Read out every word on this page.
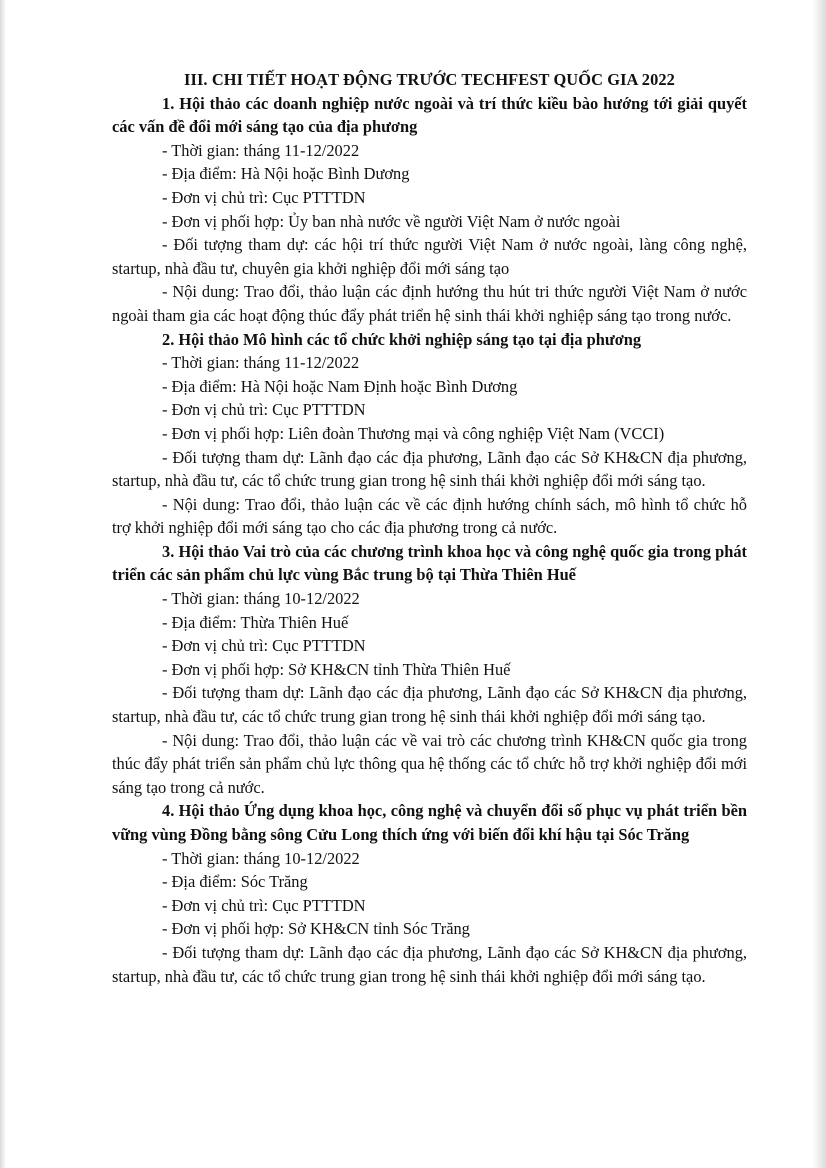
III. CHI TIẾT HOẠT ĐỘNG TRƯỚC TECHFEST QUỐC GIA 2022

1. Hội thảo các doanh nghiệp nước ngoài và trí thức kiều bào hướng tới giải quyết các vấn đề đổi mới sáng tạo của địa phương

- Thời gian: tháng 11-12/2022

- Địa điểm: Hà Nội hoặc Bình Dương

- Đơn vị chủ trì: Cục PTTTDN

- Đơn vị phối hợp: Ủy ban nhà nước về người Việt Nam ở nước ngoài

- Đối tượng tham dự: các hội trí thức người Việt Nam ở nước ngoài, làng công nghệ, startup, nhà đầu tư, chuyên gia khởi nghiệp đổi mới sáng tạo

- Nội dung: Trao đổi, thảo luận các định hướng thu hút tri thức người Việt Nam ở nước ngoài tham gia các hoạt động thúc đẩy phát triển hệ sinh thái khởi nghiệp sáng tạo trong nước.

2. Hội thảo Mô hình các tổ chức khởi nghiệp sáng tạo tại địa phương

- Thời gian: tháng 11-12/2022

- Địa điểm: Hà Nội hoặc Nam Định hoặc Bình Dương

- Đơn vị chủ trì: Cục PTTTDN

- Đơn vị phối hợp: Liên đoàn Thương mại và công nghiệp Việt Nam (VCCI)

- Đối tượng tham dự: Lãnh đạo các địa phương, Lãnh đạo các Sở KH&CN địa phương, startup, nhà đầu tư, các tổ chức trung gian trong hệ sinh thái khởi nghiệp đổi mới sáng tạo.

- Nội dung: Trao đổi, thảo luận các về các định hướng chính sách, mô hình tổ chức hỗ trợ khởi nghiệp đổi mới sáng tạo cho các địa phương trong cả nước.

3. Hội thảo Vai trò của các chương trình khoa học và công nghệ quốc gia trong phát triển các sản phẩm chủ lực vùng Bắc trung bộ tại Thừa Thiên Huế

- Thời gian: tháng 10-12/2022

- Địa điểm: Thừa Thiên Huế

- Đơn vị chủ trì: Cục PTTTDN

- Đơn vị phối hợp: Sở KH&CN tỉnh Thừa Thiên Huế

- Đối tượng tham dự: Lãnh đạo các địa phương, Lãnh đạo các Sở KH&CN địa phương, startup, nhà đầu tư, các tổ chức trung gian trong hệ sinh thái khởi nghiệp đổi mới sáng tạo.

- Nội dung: Trao đổi, thảo luận các về vai trò các chương trình KH&CN quốc gia trong thúc đẩy phát triển sản phẩm chủ lực thông qua hệ thống các tổ chức hỗ trợ khởi nghiệp đổi mới sáng tạo trong cả nước.

4. Hội thảo Ứng dụng khoa học, công nghệ và chuyển đổi số phục vụ phát triển bền vững vùng Đồng bằng sông Cửu Long thích ứng với biến đổi khí hậu tại Sóc Trăng

- Thời gian: tháng 10-12/2022

- Địa điểm: Sóc Trăng

- Đơn vị chủ trì: Cục PTTTDN

- Đơn vị phối hợp: Sở KH&CN tỉnh Sóc Trăng

- Đối tượng tham dự: Lãnh đạo các địa phương, Lãnh đạo các Sở KH&CN địa phương, startup, nhà đầu tư, các tổ chức trung gian trong hệ sinh thái khởi nghiệp đổi mới sáng tạo.
